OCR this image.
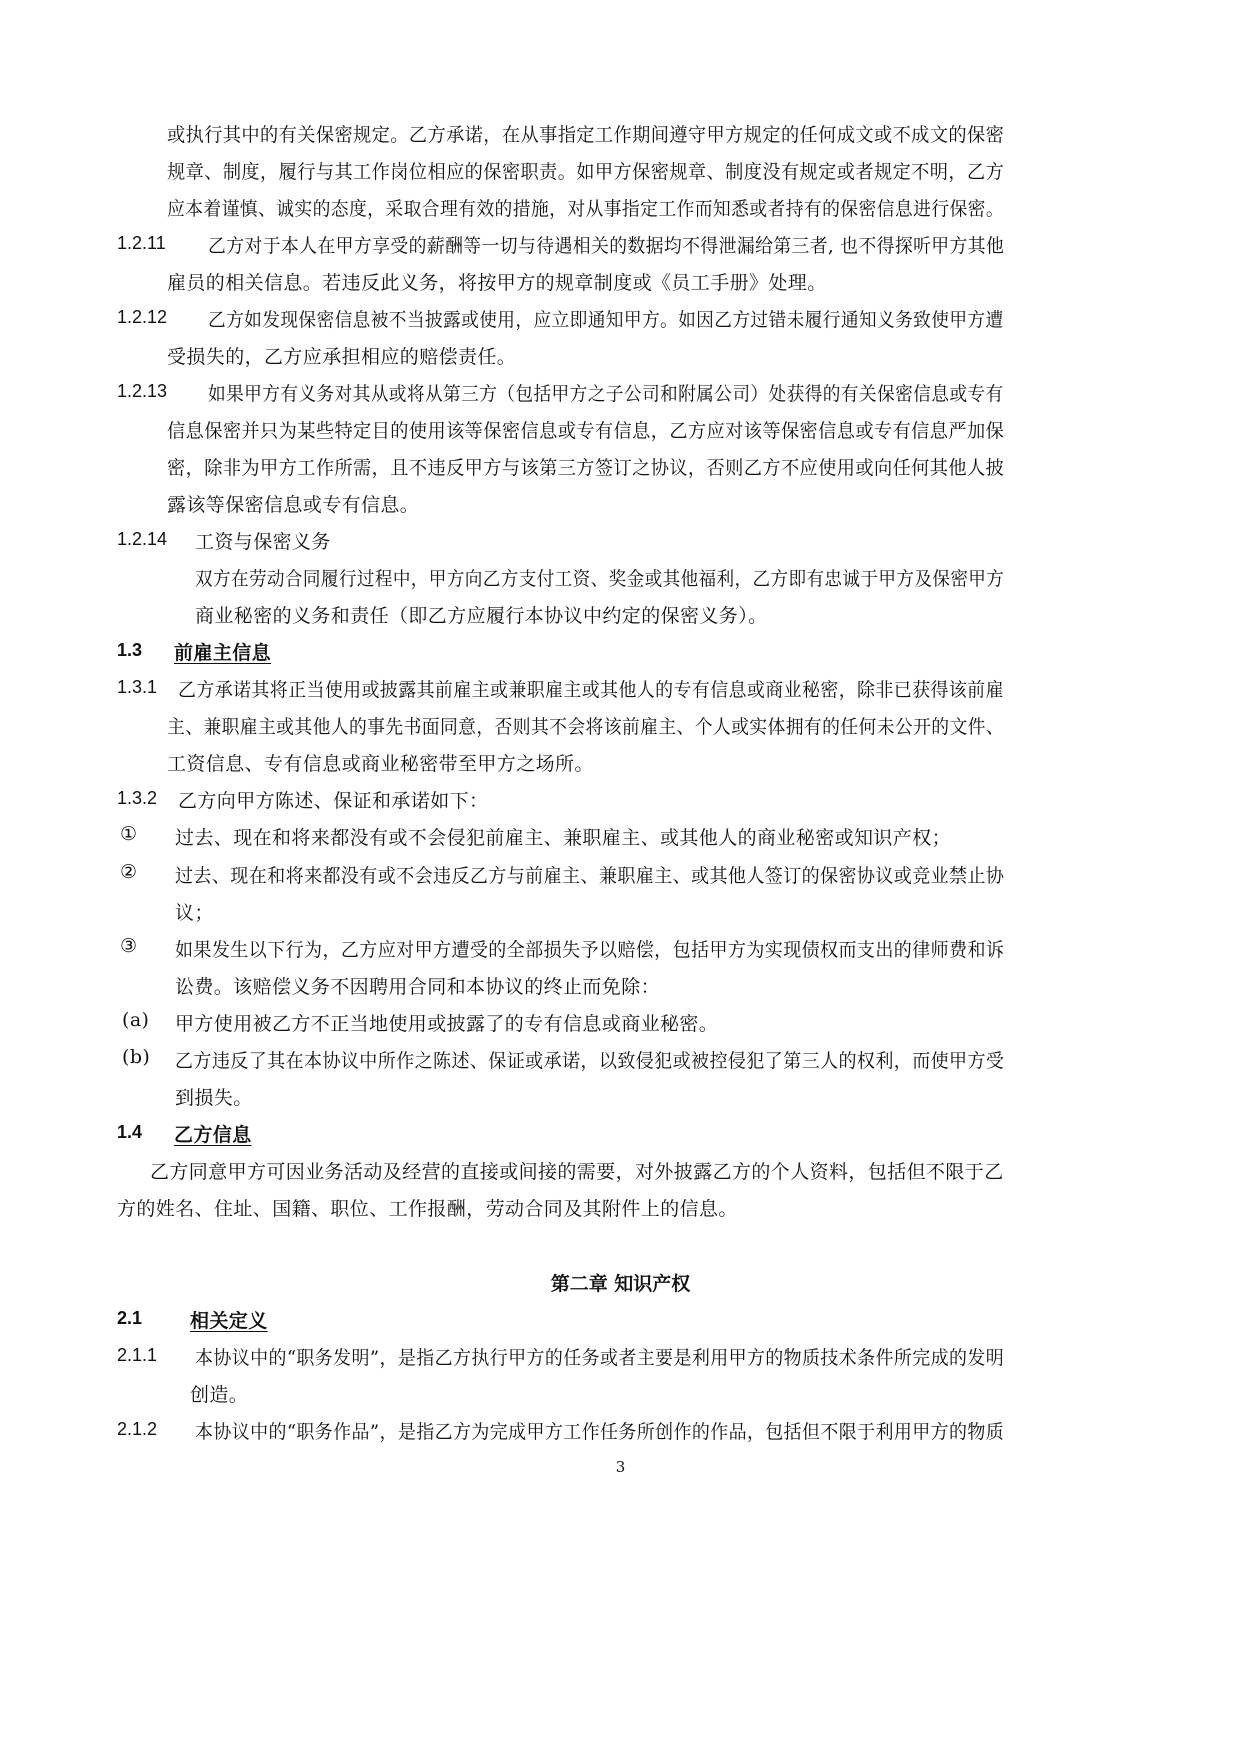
或执行其中的有关保密规定。乙方承诺，在从事指定工作期间遵守甲方规定的任何成文或不成文的保密
规章、制度，履行与其工作岗位相应的保密职责。如甲方保密规章、制度没有规定或者规定不明，乙方
应本着谨慎、诚实的态度，采取合理有效的措施，对从事指定工作而知悉或者持有的保密信息进行保密。
1.2.11 乙方对于本人在甲方享受的薪酬等一切与待遇相关的数据均不得泄漏给第三者, 也不得探听甲方其他
雇员的相关信息。若违反此义务，将按甲方的规章制度或《员工手册》处理。
1.2.12 乙方如发现保密信息被不当披露或使用，应立即通知甲方。如因乙方过错未履行通知义务致使甲方遭
受损失的，乙方应承担相应的赔偿责任。
1.2.13 如果甲方有义务对其从或将从第三方（包括甲方之子公司和附属公司）处获得的有关保密信息或专有
信息保密并只为某些特定目的使用该等保密信息或专有信息，乙方应对该等保密信息或专有信息严加保
密，除非为甲方工作所需，且不违反甲方与该第三方签订之协议，否则乙方不应使用或向任何其他人披
露该等保密信息或专有信息。
1.2.14 工资与保密义务
双方在劳动合同履行过程中，甲方向乙方支付工资、奖金或其他福利，乙方即有忠诚于甲方及保密甲方
商业秘密的义务和责任（即乙方应履行本协议中约定的保密义务）。
1.3 前雇主信息
1.3.1 乙方承诺其将正当使用或披露其前雇主或兼职雇主或其他人的专有信息或商业秘密，除非已获得该前雇
主、兼职雇主或其他人的事先书面同意，否则其不会将该前雇主、个人或实体拥有的任何未公开的文件、
工资信息、专有信息或商业秘密带至甲方之场所。
1.3.2 乙方向甲方陈述、保证和承诺如下：
① 过去、现在和将来都没有或不会侵犯前雇主、兼职雇主、或其他人的商业秘密或知识产权；
② 过去、现在和将来都没有或不会违反乙方与前雇主、兼职雇主、或其他人签订的保密协议或竞业禁止协
议；
③ 如果发生以下行为，乙方应对甲方遭受的全部损失予以赔偿，包括甲方为实现债权而支出的律师费和诉
讼费。该赔偿义务不因聘用合同和本协议的终止而免除：
(a) 甲方使用被乙方不正当地使用或披露了的专有信息或商业秘密。
(b) 乙方违反了其在本协议中所作之陈述、保证或承诺，以致侵犯或被控侵犯了第三人的权利，而使甲方受
到损失。
1.4 乙方信息
乙方同意甲方可因业务活动及经营的直接或间接的需要，对外披露乙方的个人资料，包括但不限于乙
方的姓名、住址、国籍、职位、工作报酬，劳动合同及其附件上的信息。
第二章 知识产权
2.1	相关定义
2.1.1 本协议中的“职务发明”，是指乙方执行甲方的任务或者主要是利用甲方的物质技术条件所完成的发明
创造。
2.1.2 本协议中的“职务作品”，是指乙方为完成甲方工作任务所创作的作品，包括但不限于利用甲方的物质
3
